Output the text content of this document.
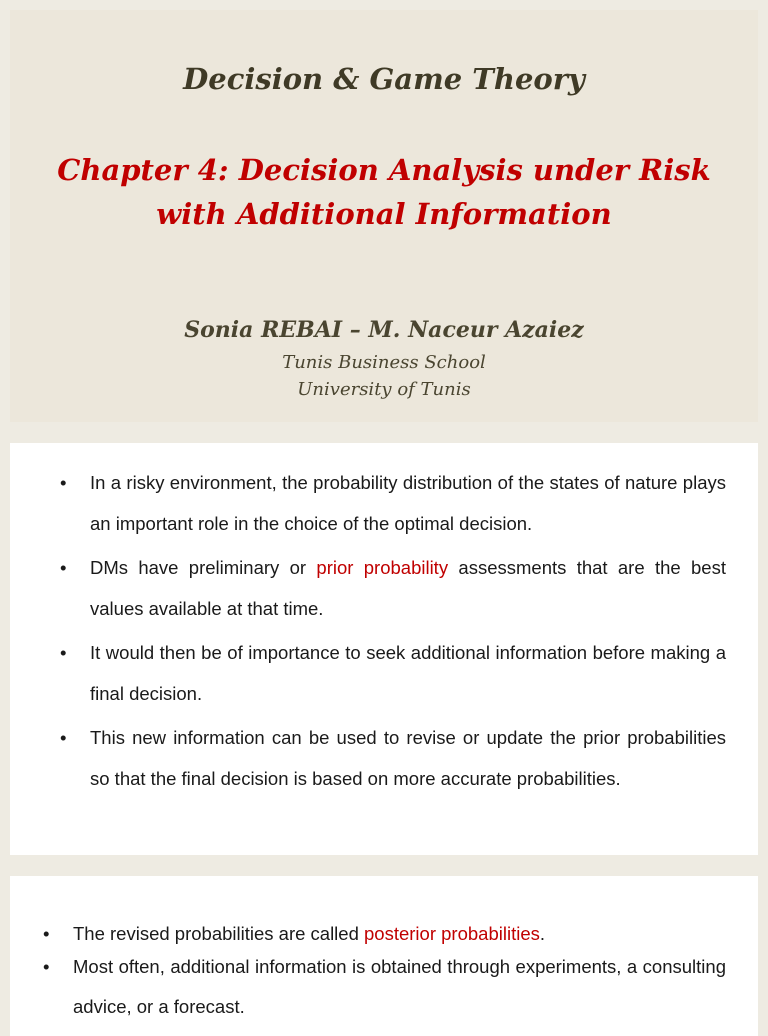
Decision & Game Theory
Chapter 4: Decision Analysis under Risk with Additional Information
Sonia REBAI – M. Naceur Azaiez
Tunis Business School
University of Tunis
• In a risky environment, the probability distribution of the states of nature plays an important role in the choice of the optimal decision.
• DMs have preliminary or prior probability assessments that are the best values available at that time.
• It would then be of importance to seek additional information before making a final decision.
• This new information can be used to revise or update the prior probabilities so that the final decision is based on more accurate probabilities.
• The revised probabilities are called posterior probabilities.
• Most often, additional information is obtained through experiments, a consulting advice, or a forecast.
